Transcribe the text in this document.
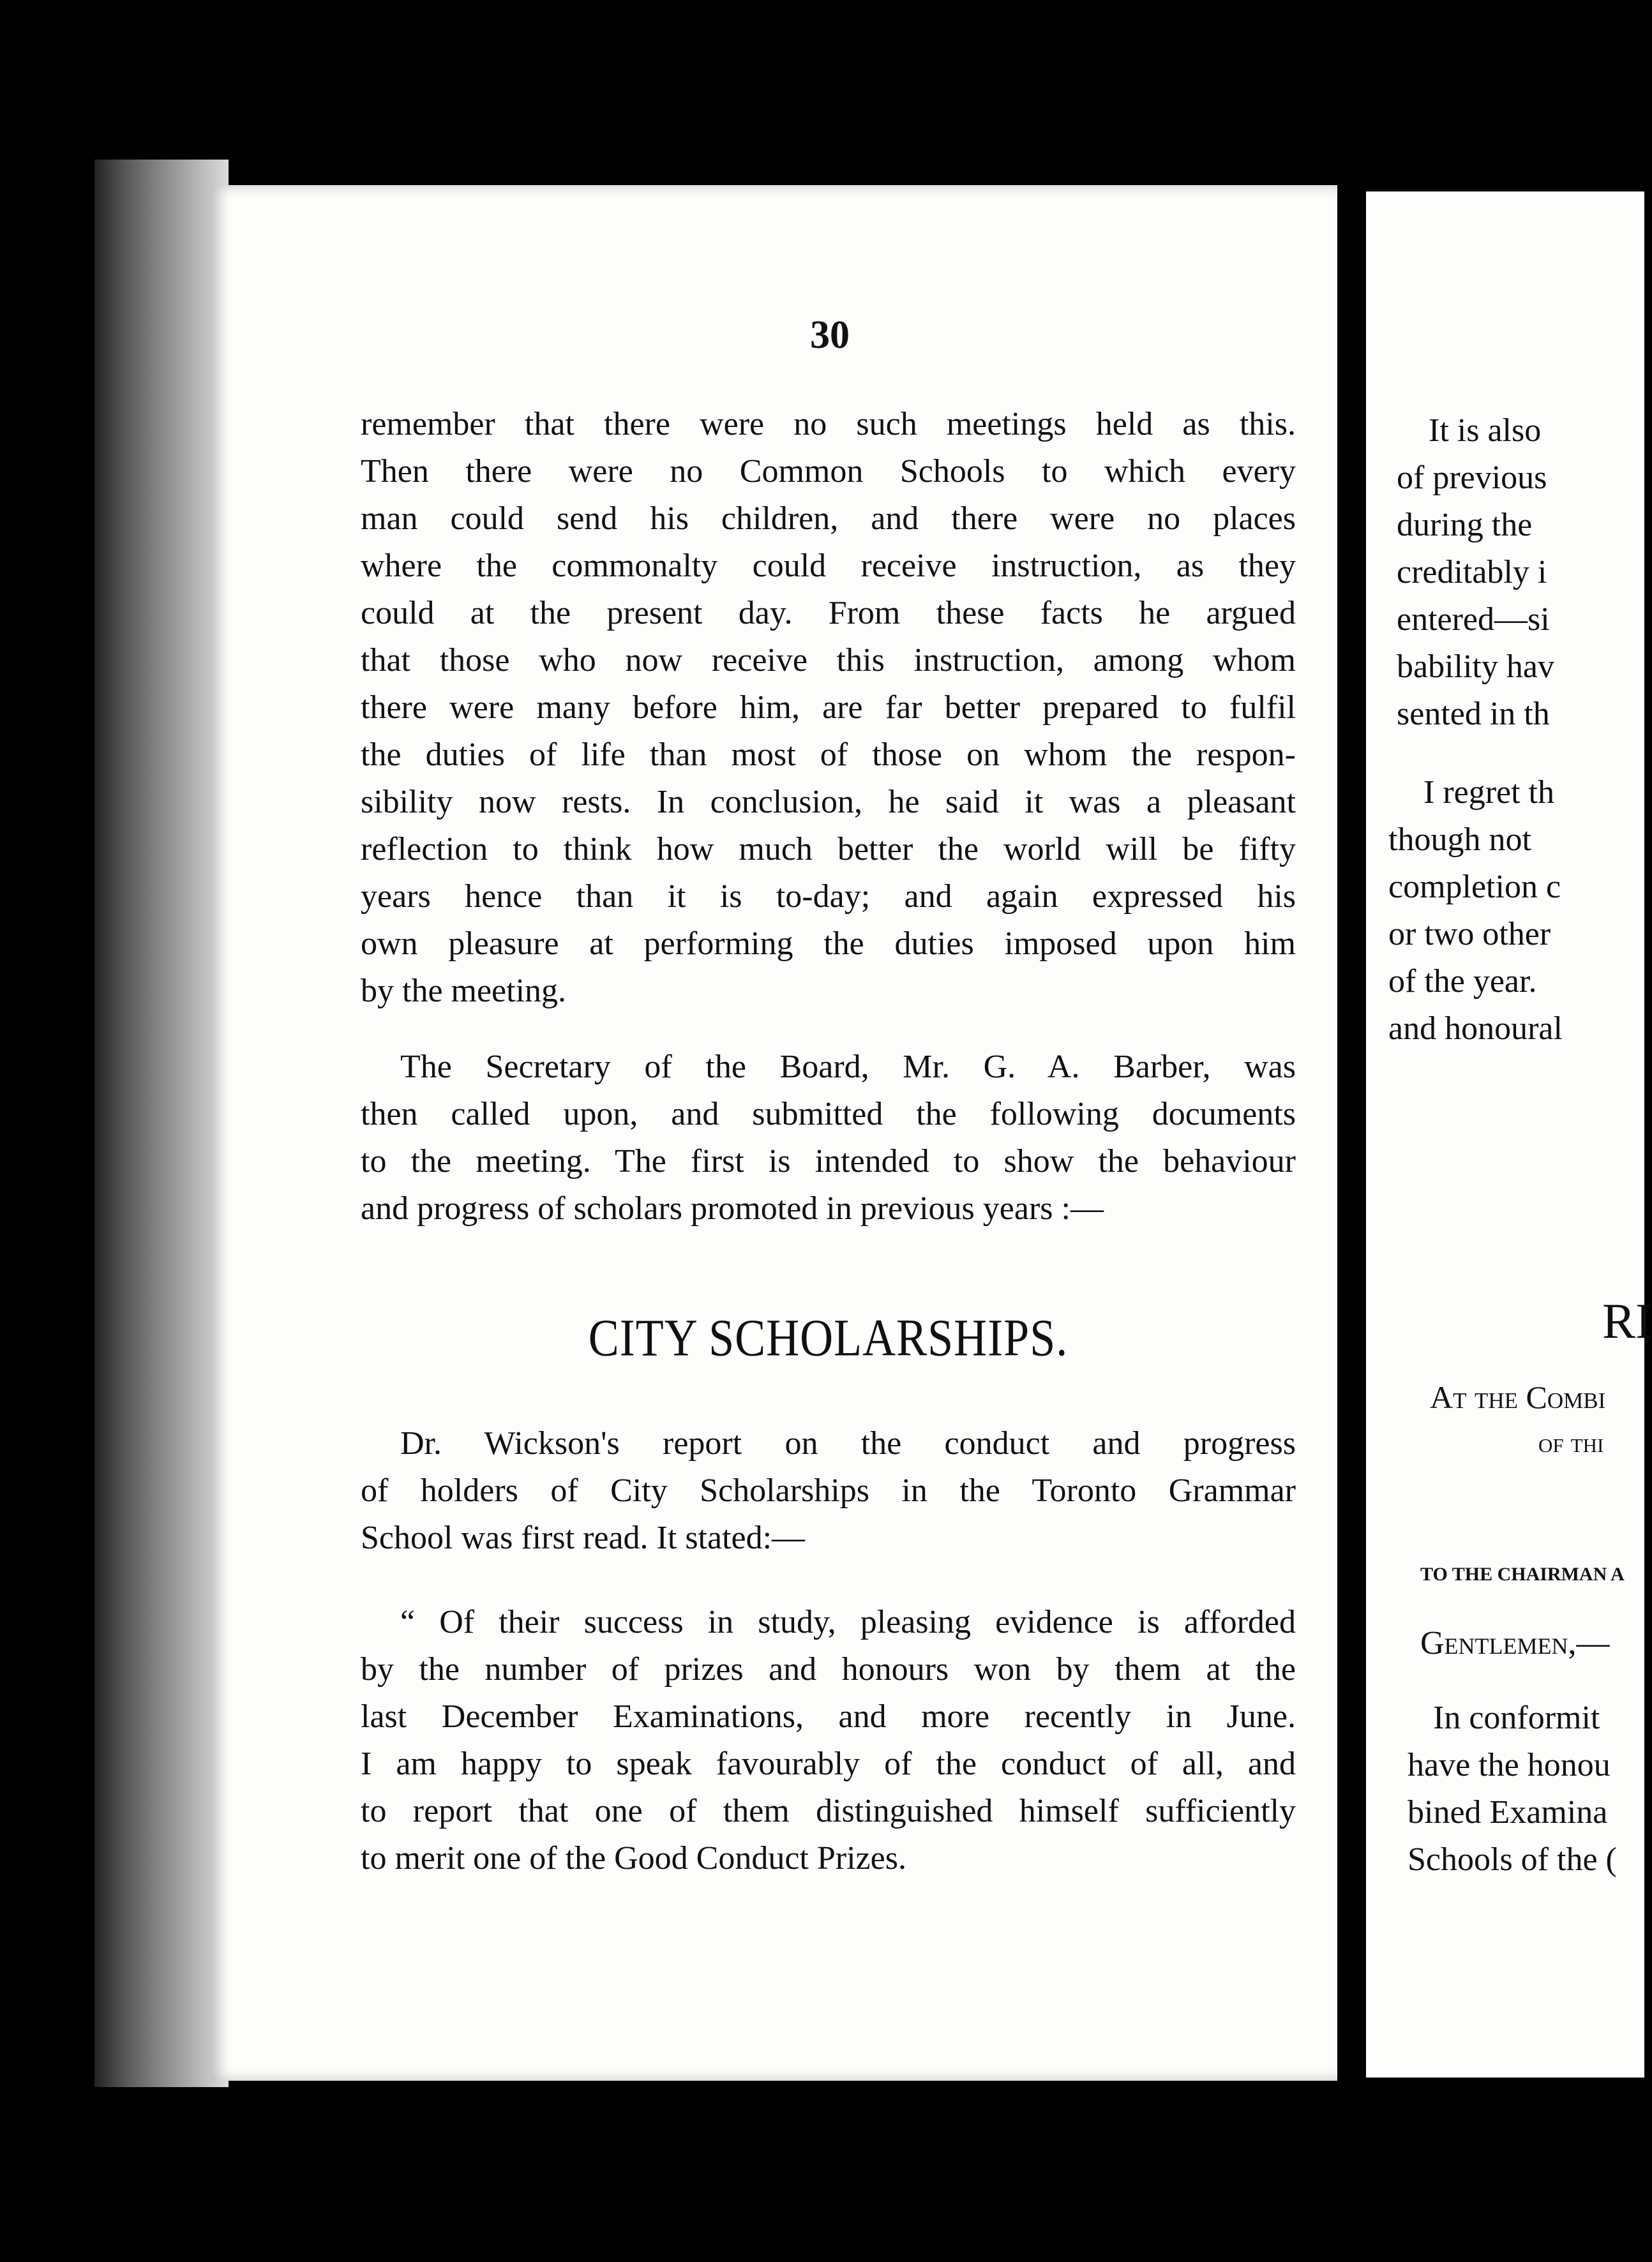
30
remember that there were no such meetings held as this.
Then there were no Common Schools to which every
man could send his children, and there were no places
where the commonalty could receive instruction, as they
could at the present day. From these facts he argued
that those who now receive this instruction, among whom
there were many before him, are far better prepared to fulfil
the duties of life than most of those on whom the respon-
sibility now rests. In conclusion, he said it was a pleasant
reflection to think how much better the world will be fifty
years hence than it is to-day; and again expressed his
own pleasure at performing the duties imposed upon him
by the meeting.
The Secretary of the Board, Mr. G. A. Barber, was
then called upon, and submitted the following documents
to the meeting. The first is intended to show the behaviour
and progress of scholars promoted in previous years :—
CITY SCHOLARSHIPS.
Dr. Wickson's report on the conduct and progress
of holders of City Scholarships in the Toronto Grammar
School was first read. It stated:—
“ Of their success in study, pleasing evidence is afforded
by the number of prizes and honours won by them at the
last December Examinations, and more recently in June.
I am happy to speak favourably of the conduct of all, and
to report that one of them distinguished himself sufficiently
to merit one of the Good Conduct Prizes.
It is also
of previous
during the
creditably i
entered—si
bability hav
sented in th
I regret th
though not
completion c
or two other
of the year.
and honoural
RI
At the Combi
of thi
TO THE CHAIRMAN A
Gentlemen,—
In conformit
have the honou
bined Examina
Schools of the (
